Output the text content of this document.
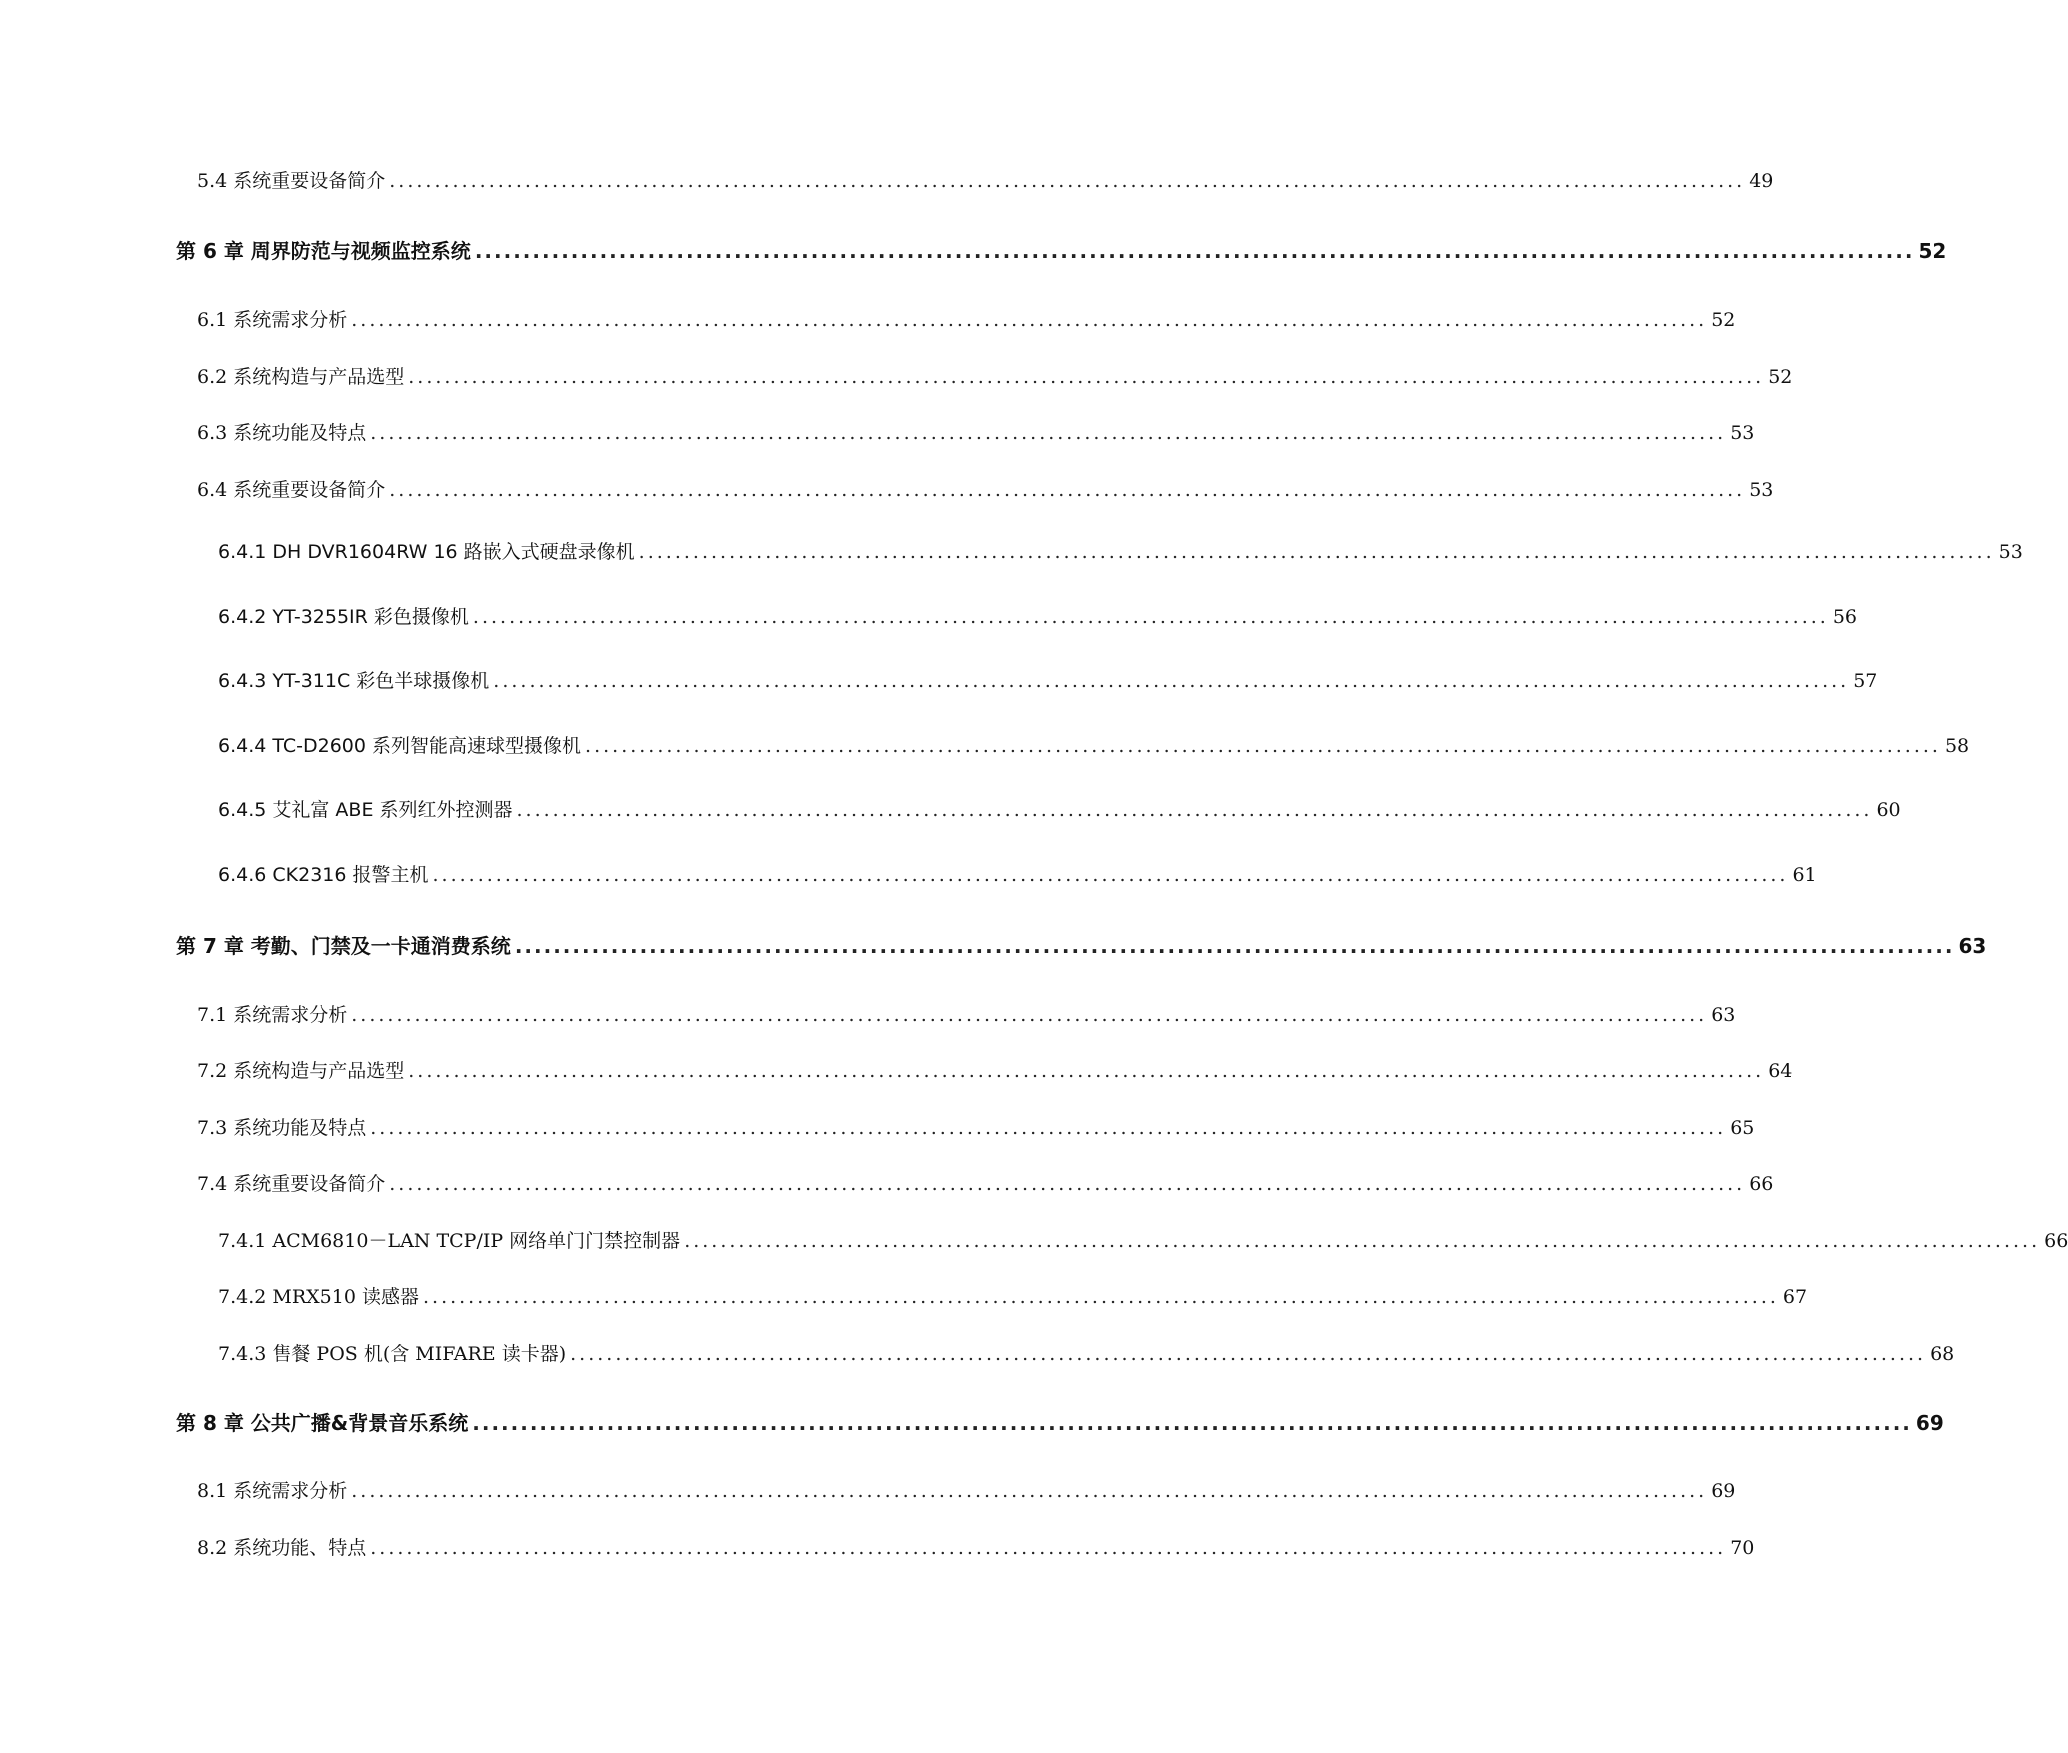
5.4 系统重要设备简介 ...................................................................................................................................................... 49
第 6 章 周界防范与视频监控系统 ...................................................................................................................................................... 52
6.1 系统需求分析 ...................................................................................................................................................... 52
6.2 系统构造与产品选型 ...................................................................................................................................................... 52
6.3 系统功能及特点 ...................................................................................................................................................... 53
6.4 系统重要设备简介 ...................................................................................................................................................... 53
6.4.1 DH DVR1604RW 16 路嵌入式硬盘录像机 ...................................................................................................................................................... 53
6.4.2 YT-3255IR 彩色摄像机 ...................................................................................................................................................... 56
6.4.3 YT-311C 彩色半球摄像机 ...................................................................................................................................................... 57
6.4.4 TC-D2600 系列智能高速球型摄像机 ...................................................................................................................................................... 58
6.4.5 艾礼富 ABE 系列红外控测器 ...................................................................................................................................................... 60
6.4.6 CK2316 报警主机 ...................................................................................................................................................... 61
第 7 章 考勤、门禁及一卡通消费系统 ...................................................................................................................................................... 63
7.1 系统需求分析 ...................................................................................................................................................... 63
7.2 系统构造与产品选型 ...................................................................................................................................................... 64
7.3 系统功能及特点 ...................................................................................................................................................... 65
7.4 系统重要设备简介 ...................................................................................................................................................... 66
7.4.1 ACM6810－LAN TCP/IP 网络单门门禁控制器 ...................................................................................................................................................... 66
7.4.2 MRX510 读感器 ...................................................................................................................................................... 67
7.4.3 售餐 POS 机(含 MIFARE 读卡器) ...................................................................................................................................................... 68
第 8 章 公共广播&背景音乐系统 ...................................................................................................................................................... 69
8.1 系统需求分析 ...................................................................................................................................................... 69
8.2 系统功能、特点 ...................................................................................................................................................... 70
